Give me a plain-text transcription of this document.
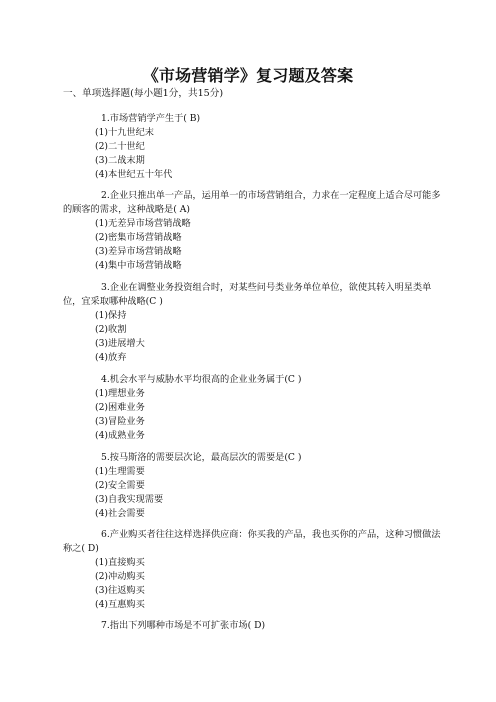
《市场营销学》复习题及答案
一、单项选择题(每小题1分，共15分)

1.市场营销学产生于( B)

(1)十九世纪末

(2)二十世纪

(3)二战末期

(4)本世纪五十年代

2.企业只推出单一产品，运用单一的市场营销组合，力求在一定程度上适合尽可能多的顾客的需求，这种战略是( A)

(1)无差异市场营销战略

(2)密集市场营销战略

(3)差异市场营销战略

(4)集中市场营销战略

3.企业在调整业务投资组合时，对某些问号类业务单位单位，欲使其转入明星类单位，宜采取哪种战略(C )

(1)保持

(2)收割

(3)进展增大

(4)放弃

4.机会水平与威胁水平均很高的企业业务属于(C )

(1)理想业务

(2)困难业务

(3)冒险业务

(4)成熟业务

5.按马斯洛的需要层次论，最高层次的需要是(C )

(1)生理需要

(2)安全需要

(3)自我实现需要

(4)社会需要

6.产业购买者往往这样选择供应商：你买我的产品，我也买你的产品，这种习惯做法称之( D)

(1)直接购买

(2)冲动购买

(3)往返购买

(4)互惠购买

7.指出下列哪种市场是不可扩张市场( D)
